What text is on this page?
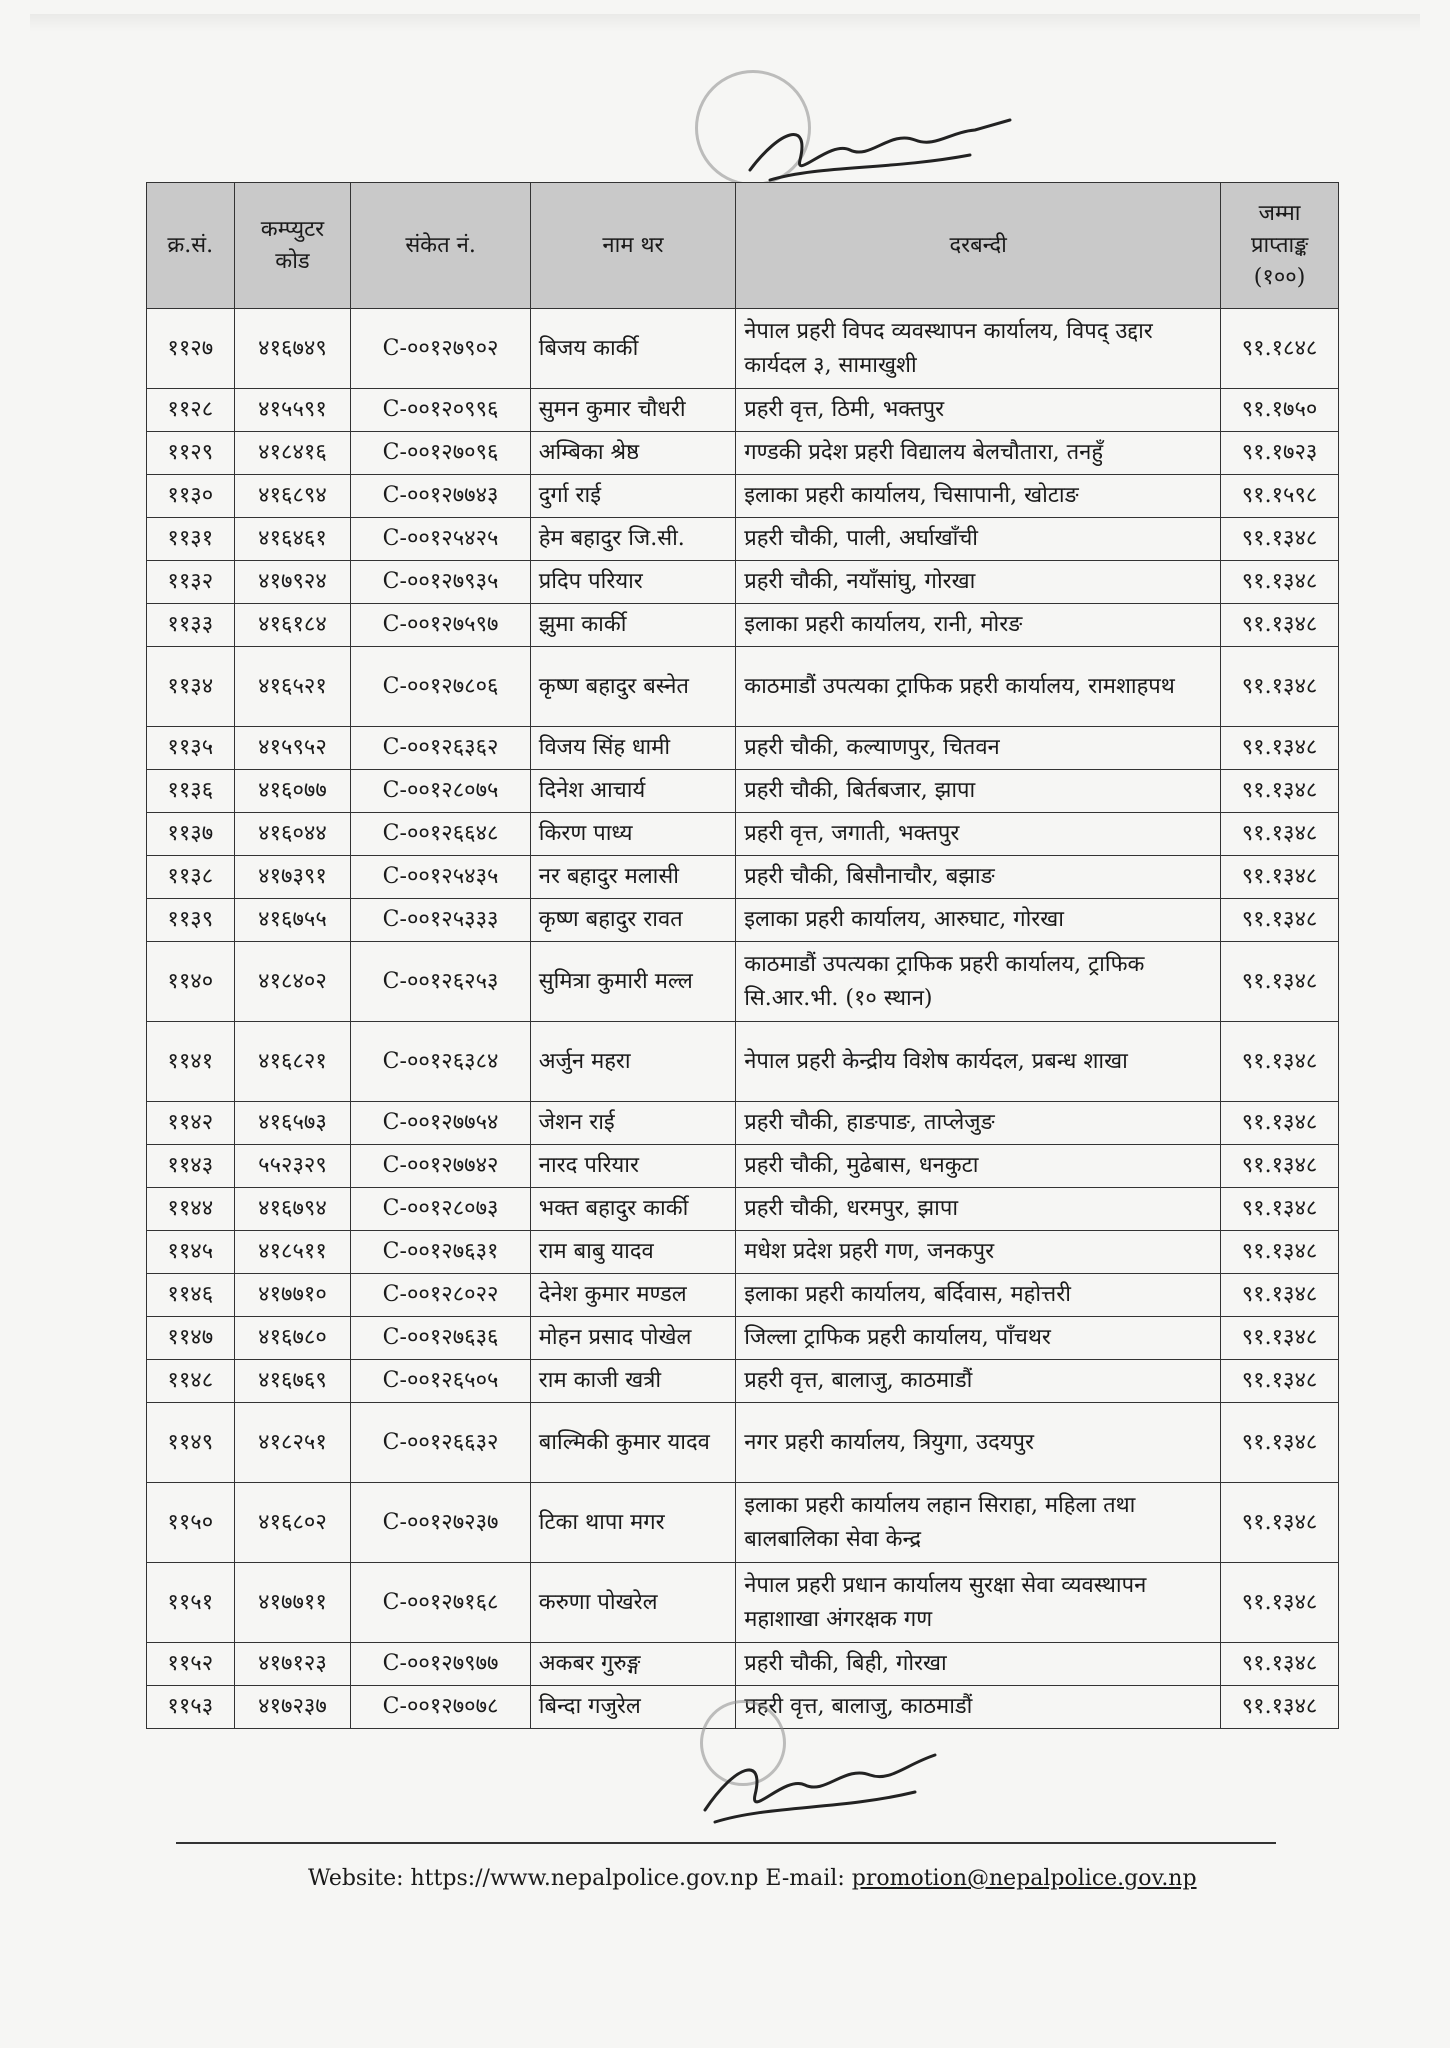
क्र.सं.	कम्प्युटर कोड	संकेत नं.	नाम थर	दरबन्दी	जम्मा प्राप्ताङ्क (१००)
११२७	४१६७४९	C-००१२७९०२	बिजय कार्की	नेपाल प्रहरी विपद व्यवस्थापन कार्यालय, विपद् उद्दार कार्यदल ३, सामाखुशी	९१.१८४८
११२८	४१५५९१	C-००१२०९९६	सुमन कुमार चौधरी	प्रहरी वृत्त, ठिमी, भक्तपुर	९१.१७५०
११२९	४१८४१६	C-००१२७०९६	अम्बिका श्रेष्ठ	गण्डकी प्रदेश प्रहरी विद्यालय बेलचौतारा, तनहुँ	९१.१७२३
११३०	४१६८९४	C-००१२७७४३	दुर्गा राई	इलाका प्रहरी कार्यालय, चिसापानी, खोटाङ	९१.१५९८
११३१	४१६४६१	C-००१२५४२५	हेम बहादुर जि.सी.	प्रहरी चौकी, पाली, अर्घाखाँची	९१.१३४८
११३२	४१७९२४	C-००१२७९३५	प्रदिप परियार	प्रहरी चौकी, नयाँसांघु, गोरखा	९१.१३४८
११३३	४१६१८४	C-००१२७५९७	झुमा कार्की	इलाका प्रहरी कार्यालय, रानी, मोरङ	९१.१३४८
११३४	४१६५२१	C-००१२७८०६	कृष्ण बहादुर बस्नेत	काठमाडौं उपत्यका ट्राफिक प्रहरी कार्यालय, रामशाहपथ	९१.१३४८
११३५	४१५९५२	C-००१२६३६२	विजय सिंह धामी	प्रहरी चौकी, कल्याणपुर, चितवन	९१.१३४८
११३६	४१६०७७	C-००१२८०७५	दिनेश आचार्य	प्रहरी चौकी, बिर्तबजार, झापा	९१.१३४८
११३७	४१६०४४	C-००१२६६४८	किरण पाध्य	प्रहरी वृत्त, जगाती, भक्तपुर	९१.१३४८
११३८	४१७३९१	C-००१२५४३५	नर बहादुर मलासी	प्रहरी चौकी, बिसौनाचौर, बझाङ	९१.१३४८
११३९	४१६७५५	C-००१२५३३३	कृष्ण बहादुर रावत	इलाका प्रहरी कार्यालय, आरुघाट, गोरखा	९१.१३४८
११४०	४१८४०२	C-००१२६२५३	सुमित्रा कुमारी मल्ल	काठमाडौं उपत्यका ट्राफिक प्रहरी कार्यालय, ट्राफिक सि.आर.भी. (१० स्थान)	९१.१३४८
११४१	४१६८२१	C-००१२६३८४	अर्जुन महरा	नेपाल प्रहरी केन्द्रीय विशेष कार्यदल, प्रबन्ध शाखा	९१.१३४८
११४२	४१६५७३	C-००१२७७५४	जेशन राई	प्रहरी चौकी, हाङपाङ, ताप्लेजुङ	९१.१३४८
११४३	५५२३२९	C-००१२७७४२	नारद परियार	प्रहरी चौकी, मुढेबास, धनकुटा	९१.१३४८
११४४	४१६७९४	C-००१२८०७३	भक्त बहादुर कार्की	प्रहरी चौकी, धरमपुर, झापा	९१.१३४८
११४५	४१८५११	C-००१२७६३१	राम बाबु यादव	मधेश प्रदेश प्रहरी गण, जनकपुर	९१.१३४८
११४६	४१७७१०	C-००१२८०२२	देनेश कुमार मण्डल	इलाका प्रहरी कार्यालय, बर्दिवास, महोत्तरी	९१.१३४८
११४७	४१६७८०	C-००१२७६३६	मोहन प्रसाद पोखेल	जिल्ला ट्राफिक प्रहरी कार्यालय, पाँचथर	९१.१३४८
११४८	४१६७६९	C-००१२६५०५	राम काजी खत्री	प्रहरी वृत्त, बालाजु, काठमाडौं	९१.१३४८
११४९	४१८२५१	C-००१२६६३२	बाल्मिकी कुमार यादव	नगर प्रहरी कार्यालय, त्रियुगा, उदयपुर	९१.१३४८
११५०	४१६८०२	C-००१२७२३७	टिका थापा मगर	इलाका प्रहरी कार्यालय लहान सिराहा, महिला तथा बालबालिका सेवा केन्द्र	९१.१३४८
११५१	४१७७११	C-००१२७१६८	करुणा पोखरेल	नेपाल प्रहरी प्रधान कार्यालय सुरक्षा सेवा व्यवस्थापन महाशाखा अंगरक्षक गण	९१.१३४८
११५२	४१७१२३	C-००१२७९७७	अकबर गुरुङ्ग	प्रहरी चौकी, बिही, गोरखा	९१.१३४८
११५३	४१७२३७	C-००१२७०७८	बिन्दा गजुरेल	प्रहरी वृत्त, बालाजु, काठमाडौं	९१.१३४८
Website: https://www.nepalpolice.gov.np E-mail: promotion@nepalpolice.gov.np
